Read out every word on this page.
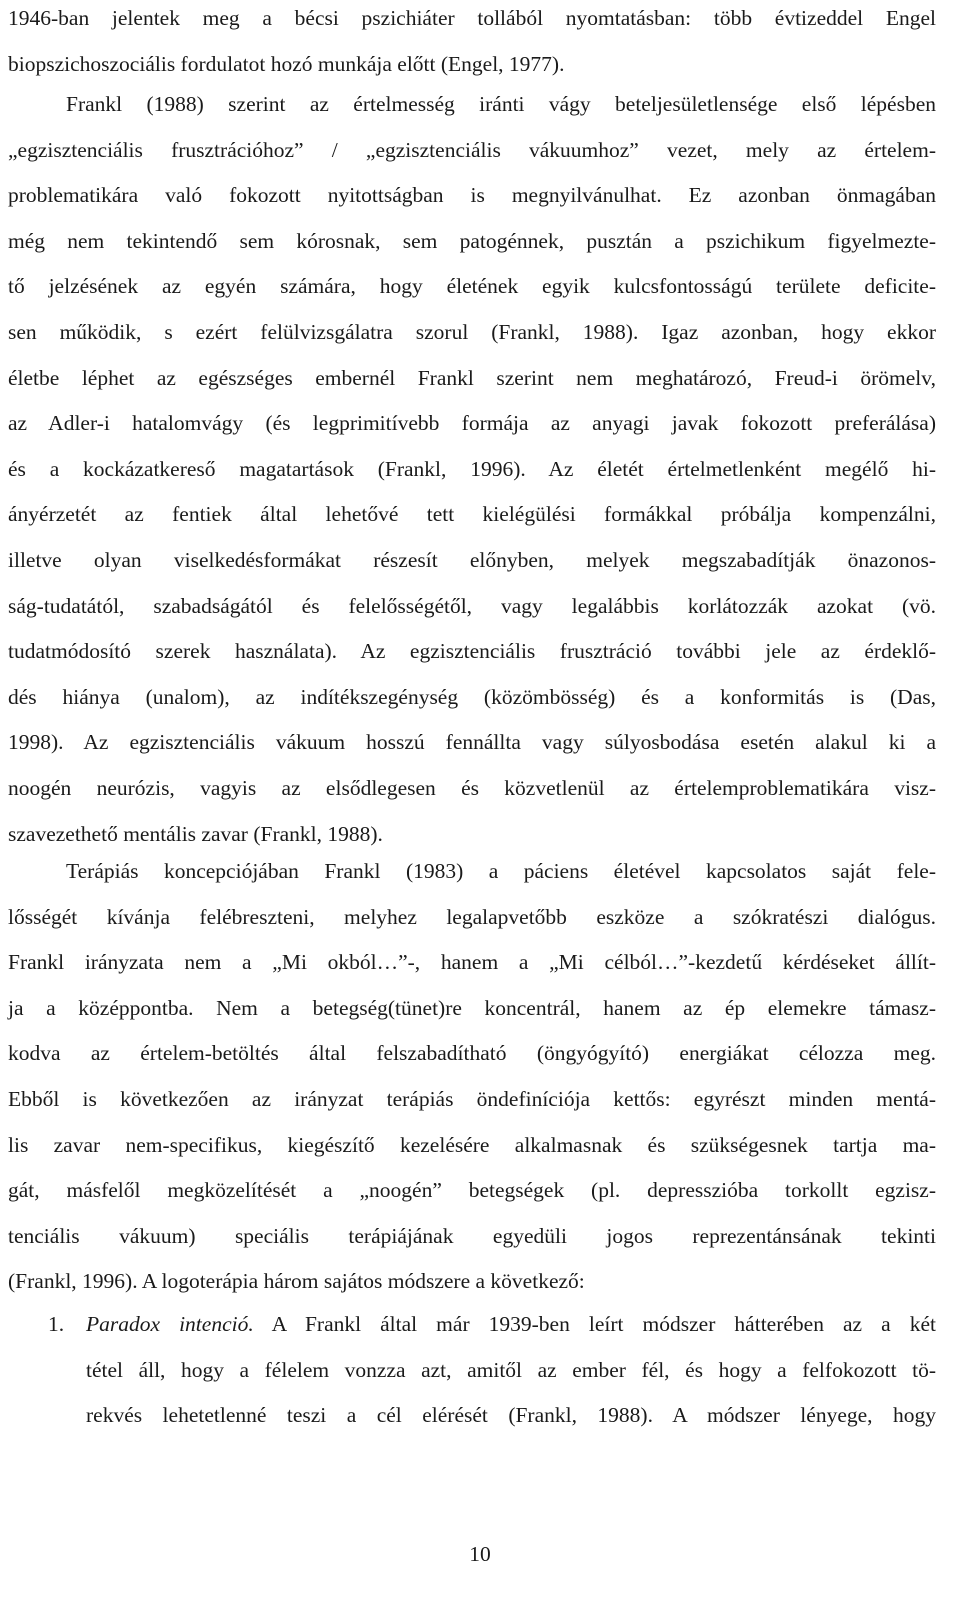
1946-ban jelentek meg a bécsi pszichiáter tollából nyomtatásban: több évtizeddel Engel
biopszichoszociális fordulatot hozó munkája előtt (Engel, 1977).
Frankl (1988) szerint az értelmesség iránti vágy beteljesületlensége első lépésben
„egzisztenciális frusztrációhoz” / „egzisztenciális vákuumhoz” vezet, mely az értelem-
problematikára való fokozott nyitottságban is megnyilvánulhat. Ez azonban önmagában
még nem tekintendő sem kórosnak, sem patogénnek, pusztán a pszichikum figyelmezte-
tő jelzésének az egyén számára, hogy életének egyik kulcsfontosságú területe deficite-
sen működik, s ezért felülvizsgálatra szorul (Frankl, 1988). Igaz azonban, hogy ekkor
életbe léphet az egészséges embernél Frankl szerint nem meghatározó, Freud-i örömelv,
az Adler-i hatalomvágy (és legprimitívebb formája az anyagi javak fokozott preferálása)
és a kockázatkereső magatartások (Frankl, 1996). Az életét értelmetlenként megélő hi-
ányérzetét az fentiek által lehetővé tett kielégülési formákkal próbálja kompenzálni,
illetve olyan viselkedésformákat részesít előnyben, melyek megszabadítják önazonos-
ság-tudatától, szabadságától és felelősségétől, vagy legalábbis korlátozzák azokat (vö.
tudatmódosító szerek használata). Az egzisztenciális frusztráció további jele az érdeklő-
dés hiánya (unalom), az indítékszegénység (közömbösség) és a konformitás is (Das,
1998). Az egzisztenciális vákuum hosszú fennállta vagy súlyosbodása esetén alakul ki a
noogén neurózis, vagyis az elsődlegesen és közvetlenül az értelemproblematikára visz-
szavezethető mentális zavar (Frankl, 1988).
Terápiás koncepciójában Frankl (1983) a páciens életével kapcsolatos saját fele-
lősségét kívánja felébreszteni, melyhez legalapvetőbb eszköze a szókratészi dialógus.
Frankl irányzata nem a „Mi okból…”-, hanem a „Mi célból…”-kezdetű kérdéseket állít-
ja a középpontba. Nem a betegség(tünet)re koncentrál, hanem az ép elemekre támasz-
kodva az értelem-betöltés által felszabadítható (öngyógyító) energiákat célozza meg.
Ebből is következően az irányzat terápiás öndefiníciója kettős: egyrészt minden mentá-
lis zavar nem-specifikus, kiegészítő kezelésére alkalmasnak és szükségesnek tartja ma-
gát, másfelől megközelítését a „noogén” betegségek (pl. depresszióba torkollt egzisz-
tenciális vákuum) speciális terápiájának egyedüli jogos reprezentánsának tekinti
(Frankl, 1996). A logoterápia három sajátos módszere a következő:
1. Paradox intenció. A Frankl által már 1939-ben leírt módszer hátterében az a két
tétel áll, hogy a félelem vonzza azt, amitől az ember fél, és hogy a felfokozott tö-
rekvés lehetetlenné teszi a cél elérését (Frankl, 1988). A módszer lényege, hogy
10
